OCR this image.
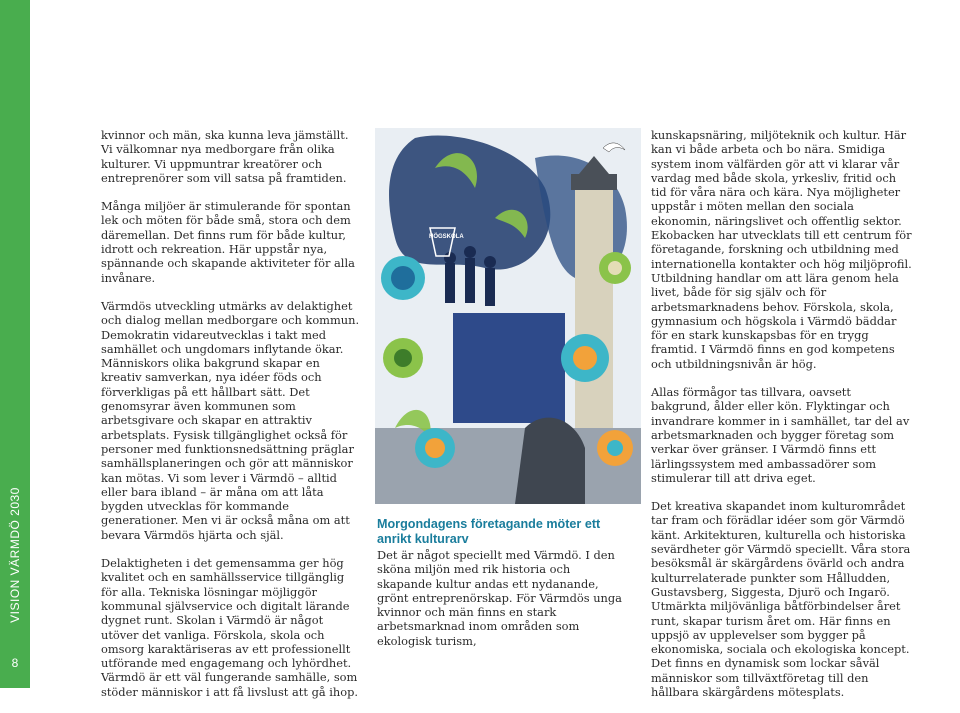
VISION VÄRMDÖ 2030
8

kvinnor och män, ska kunna leva jämställt. Vi välkomnar nya medborgare från olika kulturer. Vi uppmuntrar kreatörer och entreprenörer som vill satsa på framtiden.

Många miljöer är stimulerande för spontan lek och möten för både små, stora och dem däremellan. Det finns rum för både kultur, idrott och rekreation. Här uppstår nya, spännande och skapande aktiviteter för alla invånare.

Värmdös utveckling utmärks av delaktighet och dialog mellan medborgare och kommun. Demokratin vidareutvecklas i takt med samhället och ungdomars inflytande ökar. Människors olika bakgrund skapar en kreativ samverkan, nya idéer föds och förverkligas på ett hållbart sätt. Det genomsyrar även kommunen som arbetsgivare och skapar en attraktiv arbetsplats. Fysisk tillgänglighet också för personer med funktionsnedsättning präglar samhällsplaneringen och gör att människor kan mötas. Vi som lever i Värmdö – alltid eller bara ibland – är måna om att låta bygden utvecklas för kommande generationer. Men vi är också måna om att bevara Värmdös hjärta och själ.

Delaktigheten i det gemensamma ger hög kvalitet och en samhällsservice tillgänglig för alla. Tekniska lösningar möjliggör kommunal självservice och digitalt lärande dygnet runt. Skolan i Värmdö är något utöver det vanliga. Förskola, skola och omsorg karaktäriseras av ett professionellt utförande med engagemang och lyhördhet. Värmdö är ett väl fungerande samhälle, som stöder människor i att få livslust att gå ihop.

HÖGSKOLA
Morgondagens företagande möter ett anrikt kulturarv

Det är något speciellt med Värmdö. I den sköna miljön med rik historia och skapande kultur andas ett nydanande, grönt entreprenörskap. För Värmdös unga kvinnor och män finns en stark arbetsmarknad inom områden som ekologisk turism,

kunskapsnäring, miljöteknik och kultur. Här kan vi både arbeta och bo nära. Smidiga system inom välfärden gör att vi klarar vår vardag med både skola, yrkesliv, fritid och tid för våra nära och kära. Nya möjligheter uppstår i möten mellan den sociala ekonomin, näringslivet och offentlig sektor. Ekobacken har utvecklats till ett centrum för företagande, forskning och utbildning med internationella kontakter och hög miljöprofil. Utbildning handlar om att lära genom hela livet, både för sig själv och för arbetsmarknadens behov. Förskola, skola, gymnasium och högskola i Värmdö bäddar för en stark kunskapsbas för en trygg framtid. I Värmdö finns en god kompetens och utbildningsnivån är hög.

Allas förmågor tas tillvara, oavsett bakgrund, ålder eller kön. Flyktingar och invandrare kommer in i samhället, tar del av arbetsmarknaden och bygger företag som verkar över gränser. I Värmdö finns ett lärlingssystem med ambassadörer som stimulerar till att driva eget.

Det kreativa skapandet inom kulturområdet tar fram och förädlar idéer som gör Värmdö känt. Arkitekturen, kulturella och historiska sevärdheter gör Värmdö speciellt. Våra stora besöksmål är skärgårdens övärld och andra kulturrelaterade punkter som Hålludden, Gustavsberg, Siggesta, Djurö och Ingarö. Utmärkta miljövänliga båtförbindelser året runt, skapar turism året om. Här finns en uppsjö av upplevelser som bygger på ekonomiska, sociala och ekologiska koncept. Det finns en dynamisk som lockar såväl människor som tillväxtföretag till den hållbara skärgårdens mötesplats.
